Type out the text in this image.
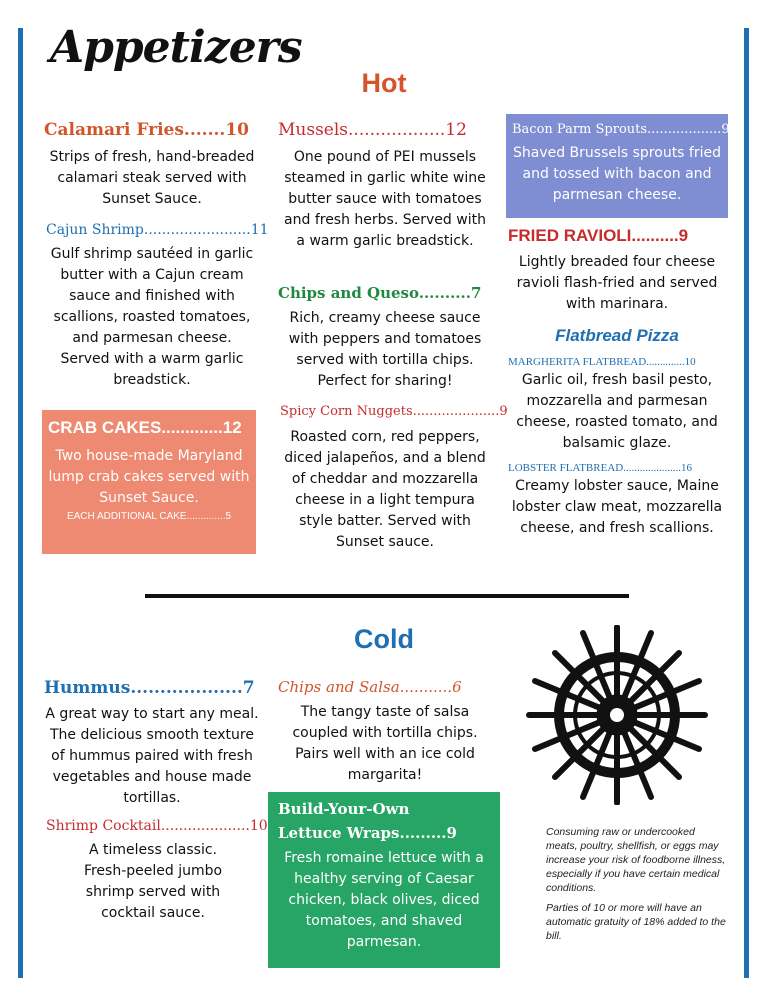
Appetizers
Hot
Calamari Fries.......10
Strips of fresh, hand-breaded calamari steak served with Sunset Sauce.
Cajun Shrimp........................11
Gulf shrimp sautéed in garlic butter with a Cajun cream sauce and finished with scallions, roasted tomatoes, and parmesan cheese. Served with a warm garlic breadstick.
CRAB CAKES.............12
Two house-made Maryland lump crab cakes served with Sunset Sauce.
EACH ADDITIONAL CAKE..............5
Mussels..................12
One pound of PEI mussels steamed in garlic white wine butter sauce with tomatoes and fresh herbs. Served with a warm garlic breadstick.
Chips and Queso..........7
Rich, creamy cheese sauce with peppers and tomatoes served with tortilla chips. Perfect for sharing!
Spicy Corn Nuggets.....................9
Roasted corn, red peppers, diced jalapeños, and a blend of cheddar and mozzarella cheese in a light tempura style batter. Served with Sunset sauce.
Bacon Parm Sprouts..................9
Shaved Brussels sprouts fried and tossed with bacon and parmesan cheese.
FRIED RAVIOLI..........9
Lightly breaded four cheese ravioli flash-fried and served with marinara.
Flatbread Pizza
MARGHERITA FLATBREAD..............10
Garlic oil, fresh basil pesto, mozzarella and parmesan cheese, roasted tomato, and balsamic glaze.
LOBSTER FLATBREAD.....................16
Creamy lobster sauce, Maine lobster claw meat, mozzarella cheese, and fresh scallions.
Cold
Hummus...................7
A great way to start any meal. The delicious smooth texture of hummus paired with fresh vegetables and house made tortillas.
Shrimp Cocktail....................10
A timeless classic. Fresh-peeled jumbo shrimp served with cocktail sauce.
Chips and Salsa...........6
The tangy taste of salsa coupled with tortilla chips. Pairs well with an ice cold margarita!
Build-Your-Own
Lettuce Wraps.........9
Fresh romaine lettuce with a healthy serving of Caesar chicken, black olives, diced tomatoes, and shaved parmesan.

Consuming raw or undercooked meats, poultry, shellfish, or eggs may increase your risk of foodborne illness, especially if you have certain medical conditions.

Parties of 10 or more will have an automatic gratuity of 18% added to the bill.
